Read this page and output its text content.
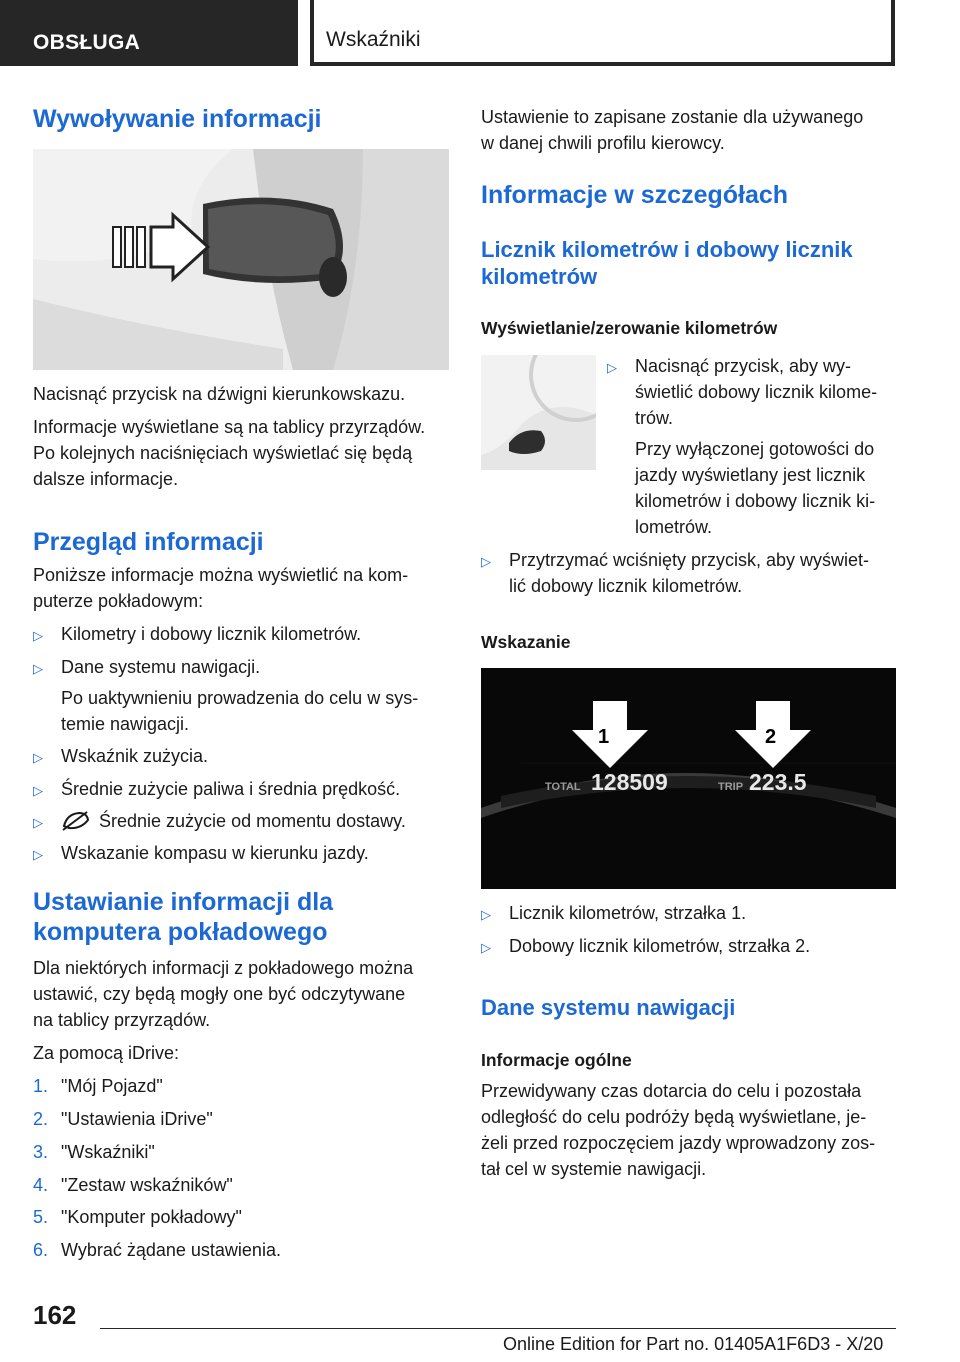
OBSŁUGA	Wskaźniki
Wywoływanie informacji
Nacisnąć przycisk na dźwigni kierunkowskazu.
Informacje wyświetlane są na tablicy przyrządów.
Po kolejnych naciśnięciach wyświetlać się będą
dalsze informacje.
Przegląd informacji
Poniższe informacje można wyświetlić na kom-
puterze pokładowym:
▷ Kilometry i dobowy licznik kilometrów.
▷ Dane systemu nawigacji.
Po uaktywnieniu prowadzenia do celu w sys-
temie nawigacji.
▷ Wskaźnik zużycia.
▷ Średnie zużycie paliwa i średnia prędkość.
▷	Średnie zużycie od momentu dostawy.
▷ Wskazanie kompasu w kierunku jazdy.
Ustawianie informacji dla
komputera pokładowego
Dla niektórych informacji z pokładowego można
ustawić, czy będą mogły one być odczytywane
na tablicy przyrządów.
Za pomocą iDrive:
1. "Mój Pojazd"
2. "Ustawienia iDrive"
3. "Wskaźniki"
4. "Zestaw wskaźników"
5. "Komputer pokładowy"
6. Wybrać żądane ustawienia.
Ustawienie to zapisane zostanie dla używanego
w danej chwili profilu kierowcy.
Informacje w szczegółach
Licznik kilometrów i dobowy licznik
kilometrów
Wyświetlanie/zerowanie kilometrów
▷ Nacisnąć przycisk, aby wy-
świetlić dobowy licznik kilome-
trów.
Przy wyłączonej gotowości do
jazdy wyświetlany jest licznik
kilometrów i dobowy licznik ki-
lometrów.
▷ Przytrzymać wciśnięty przycisk, aby wyświet-
lić dobowy licznik kilometrów.
Wskazanie
1	2
TOTAL 128509	TRIP 223.5
▷ Licznik kilometrów, strzałka 1.
▷ Dobowy licznik kilometrów, strzałka 2.
Dane systemu nawigacji
Informacje ogólne
Przewidywany czas dotarcia do celu i pozostała
odległość do celu podróży będą wyświetlane, je-
żeli przed rozpoczęciem jazdy wprowadzony zos-
tał cel w systemie nawigacji.
162
Online Edition for Part no. 01405A1F6D3 - X/20
